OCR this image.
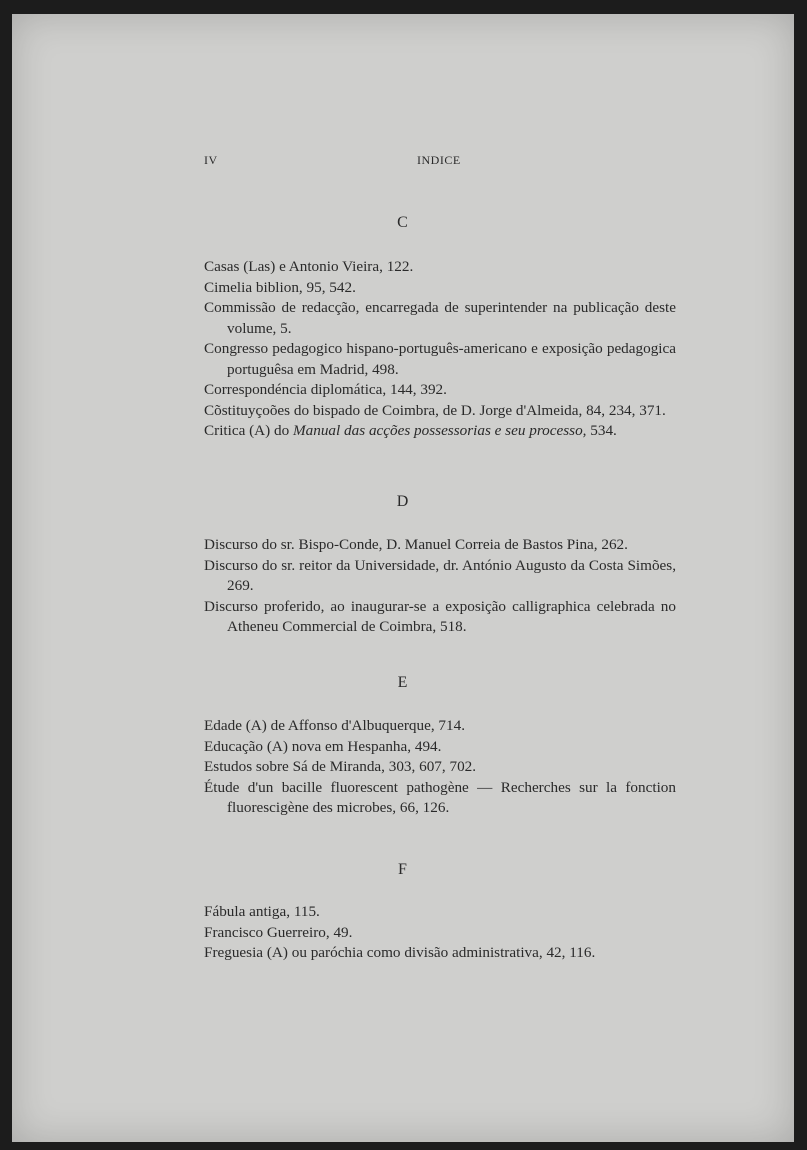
IV	INDICE
C
Casas (Las) e Antonio Vieira, 122.
Cimelia biblion, 95, 542.
Commissão de redacção, encarregada de superintender na publicação deste volume, 5.
Congresso pedagogico hispano-português-americano e exposição pedagogica portuguêsa em Madrid, 498.
Correspondéncia diplomática, 144, 392.
Cõstituyçoões do bispado de Coimbra, de D. Jorge d'Almeida, 84, 234, 371.
Critica (A) do Manual das acções possessorias e seu processo, 534.
D
Discurso do sr. Bispo-Conde, D. Manuel Correia de Bastos Pina, 262.
Discurso do sr. reitor da Universidade, dr. António Augusto da Costa Simões, 269.
Discurso proferido, ao inaugurar-se a exposição calligraphica celebrada no Atheneu Commercial de Coimbra, 518.
E
Edade (A) de Affonso d'Albuquerque, 714.
Educação (A) nova em Hespanha, 494.
Estudos sobre Sá de Miranda, 303, 607, 702.
Étude d'un bacille fluorescent pathogène — Recherches sur la fonction fluorescigène des microbes, 66, 126.
F
Fábula antiga, 115.
Francisco Guerreiro, 49.
Freguesia (A) ou paróchia como divisão administrativa, 42, 116.
